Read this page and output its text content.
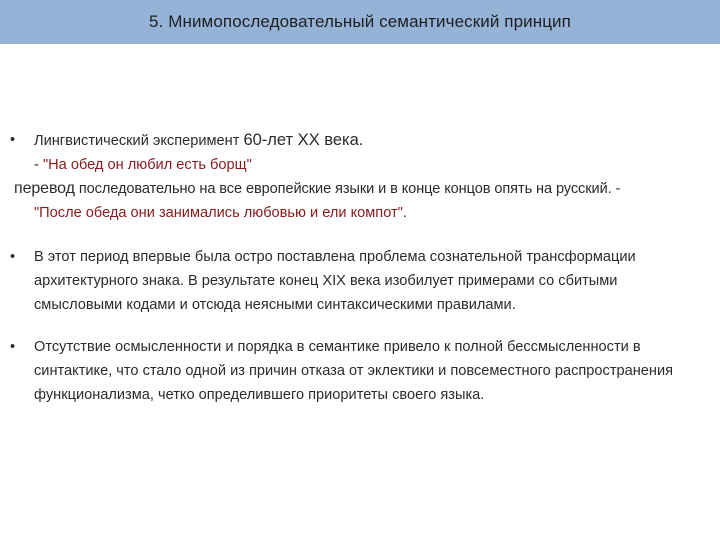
5. Мнимопоследовательный семантический принцип
•	Лингвистический эксперимент 60-лет XX века.
- "На обед он любил есть борщ"
перевод последовательно на все европейские языки и в конце концов опять на русский. -
"После обеда они занимались любовью и ели компот".
•	В этот период впервые была остро поставлена проблема сознательной трансформации архитектурного знака. В результате конец XIX века изобилует примерами со сбитыми смысловыми кодами и отсюда неясными синтаксическими правилами.
•	Отсутствие осмысленности и порядка в семантике привело к полной бессмысленности в синтактике, что стало одной из причин отказа от эклектики и повсеместного распространения функционализма, четко определившего приоритеты своего языка.
